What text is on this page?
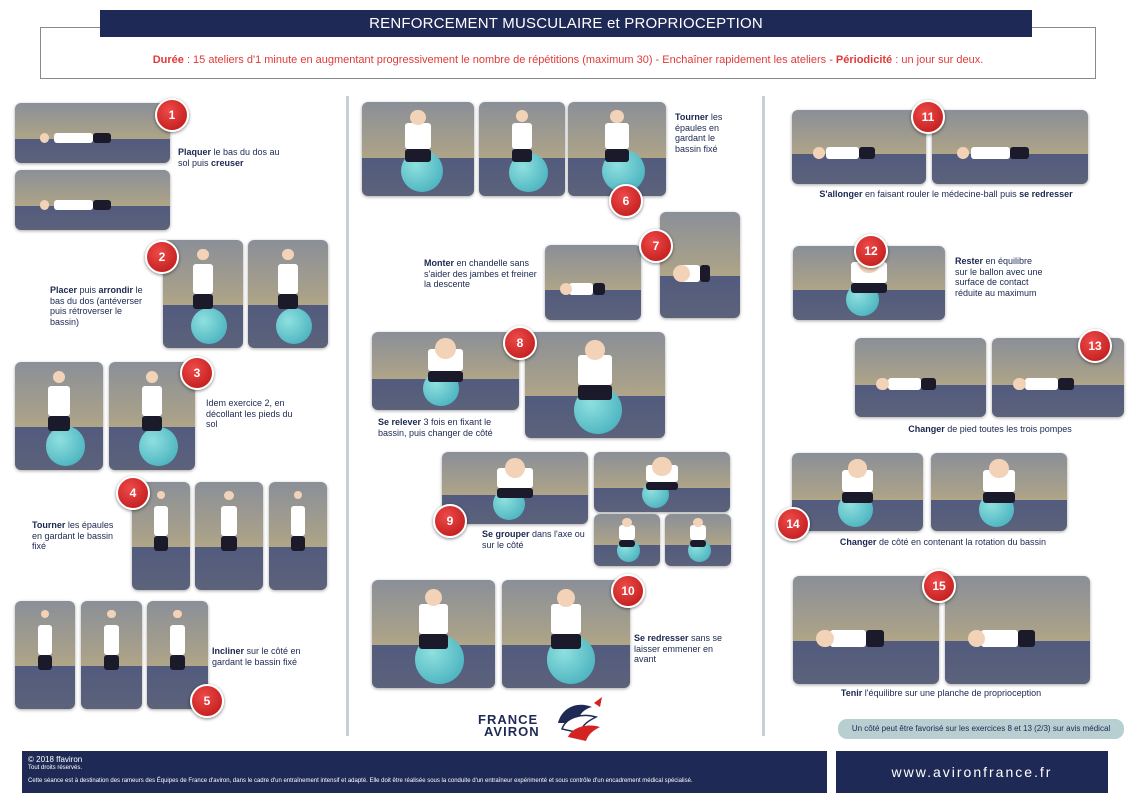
RENFORCEMENT MUSCULAIRE et PROPRIOCEPTION
Durée : 15 ateliers d'1 minute en augmentant progressivement le nombre de répétitions (maximum 30) - Enchaîner rapidement les ateliers - Périodicité : un jour sur deux.
Plaquer le bas du dos au sol puis creuser
Placer puis arrondir le bas du dos (antéverser puis rétroverser le bassin)
Idem exercice 2, en décollant les pieds du sol
Tourner les épaules en gardant le bassin fixé
Incliner sur le côté en gardant le bassin fixé
Tourner les épaules en gardant le bassin fixé
Monter en chandelle sans s'aider des jambes et freiner la descente
Se relever 3 fois en fixant le bassin, puis changer de côté
Se grouper dans l'axe ou sur le côté
Se redresser sans se laisser emmener en avant
S'allonger en faisant rouler le médecine-ball puis se redresser
Rester en équilibre sur le ballon avec une surface de contact réduite au maximum
Changer de pied toutes les trois pompes
Changer de côté en contenant la rotation du bassin
Tenir l'équilibre sur une planche de proprioception
1
2
3
4
5
6
7
8
9
10
11
12
13
14
15
Un côté peut être favorisé sur les exercices 8 et 13 (2/3) sur avis médical
FRANCE
AVIRON
© 2018 ffaviron
Tout droits réservés.
Cette séance est à destination des rameurs des Équipes de France d'aviron, dans le cadre d'un entraînement intensif et adapté. Elle doit être réalisée sous la conduite d'un entraîneur expérimenté et sous contrôle d'un encadrement médical spécialisé.
www.avironfrance.fr
